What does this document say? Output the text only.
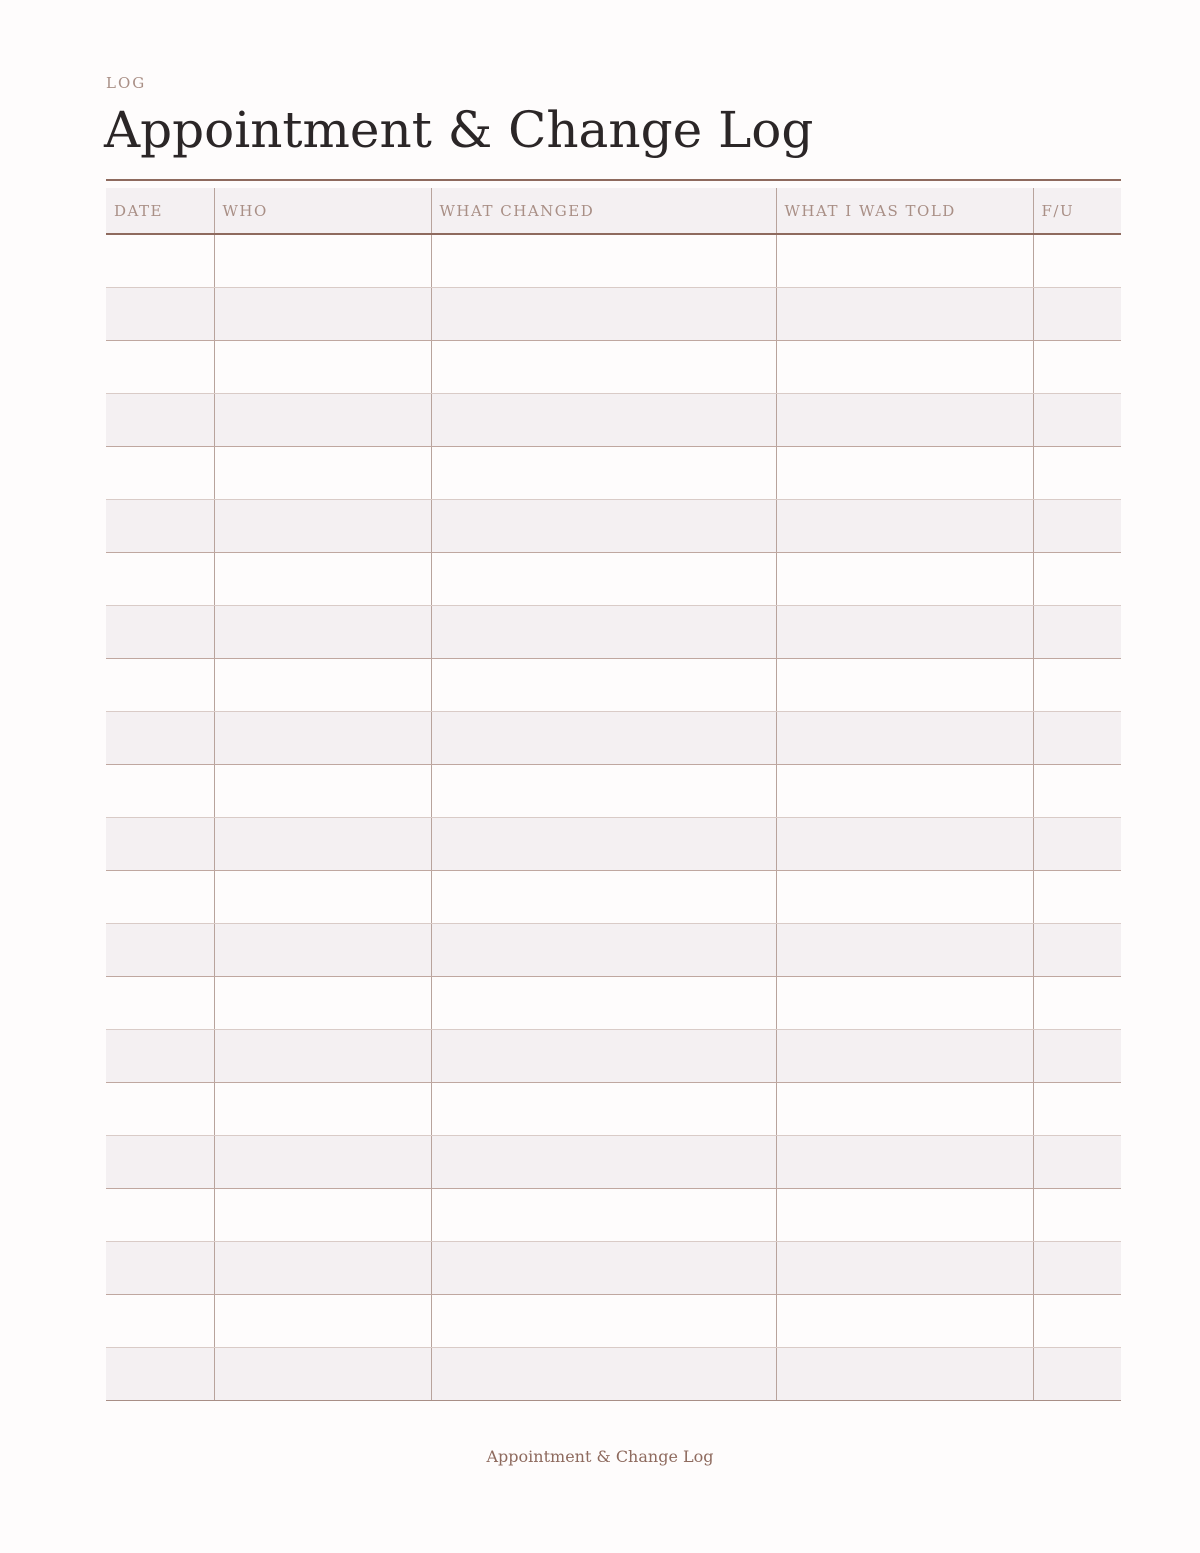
LOG

Appointment & Change Log
DATE	WHO	WHAT CHANGED	WHAT I WAS TOLD	F/U

Appointment & Change Log
